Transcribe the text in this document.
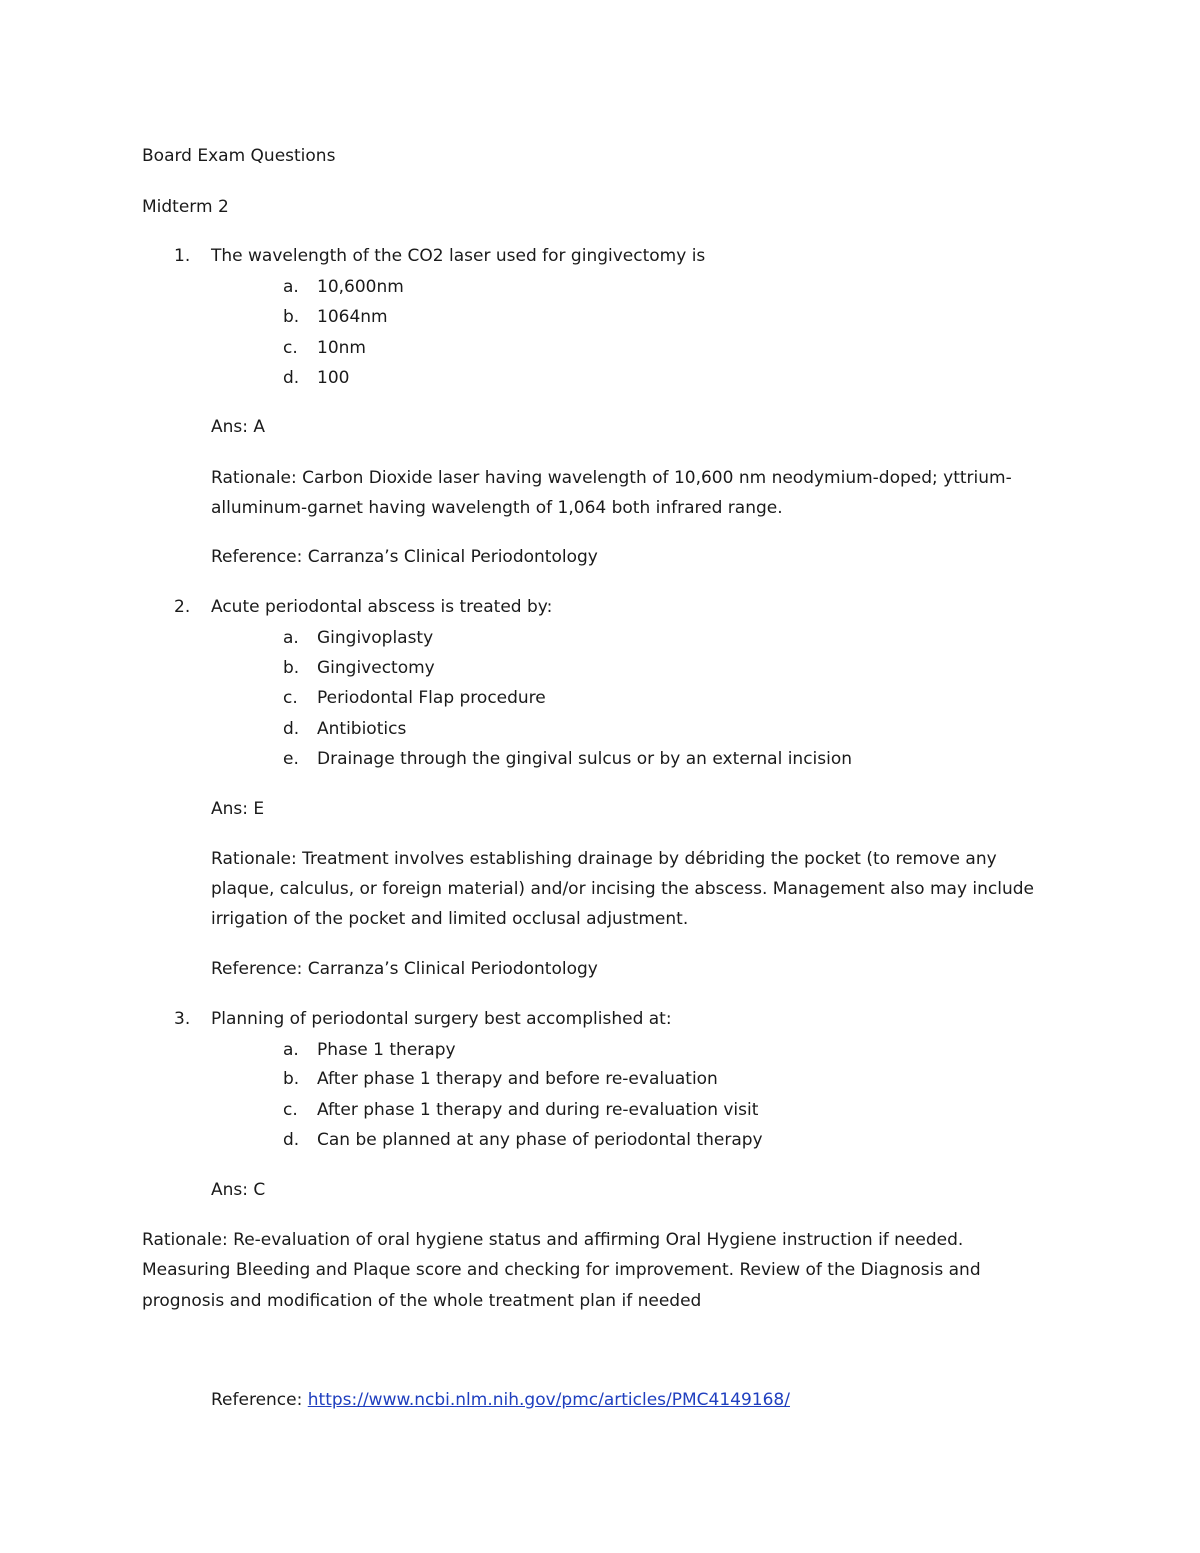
Board Exam Questions
Midterm 2
1. The wavelength of the CO2 laser used for gingivectomy is
a. 10,600nm
b. 1064nm
c. 10nm
d. 100
Ans: A
Rationale: Carbon Dioxide laser having wavelength of 10,600 nm neodymium-doped; yttrium-
alluminum-garnet having wavelength of 1,064 both infrared range.
Reference: Carranza’s Clinical Periodontology
2. Acute periodontal abscess is treated by:
a. Gingivoplasty
b. Gingivectomy
c. Periodontal Flap procedure
d. Antibiotics
e. Drainage through the gingival sulcus or by an external incision
Ans: E
Rationale: Treatment involves establishing drainage by débriding the pocket (to remove any
plaque, calculus, or foreign material) and/or incising the abscess. Management also may include
irrigation of the pocket and limited occlusal adjustment.
Reference: Carranza’s Clinical Periodontology
3. Planning of periodontal surgery best accomplished at:
a. Phase 1 therapy
b. After phase 1 therapy and before re-evaluation
c. After phase 1 therapy and during re-evaluation visit
d. Can be planned at any phase of periodontal therapy
Ans: C
Rationale: Re-evaluation of oral hygiene status and affirming Oral Hygiene instruction if needed.
Measuring Bleeding and Plaque score and checking for improvement. Review of the Diagnosis and
prognosis and modification of the whole treatment plan if needed
Reference: https://www.ncbi.nlm.nih.gov/pmc/articles/PMC4149168/
